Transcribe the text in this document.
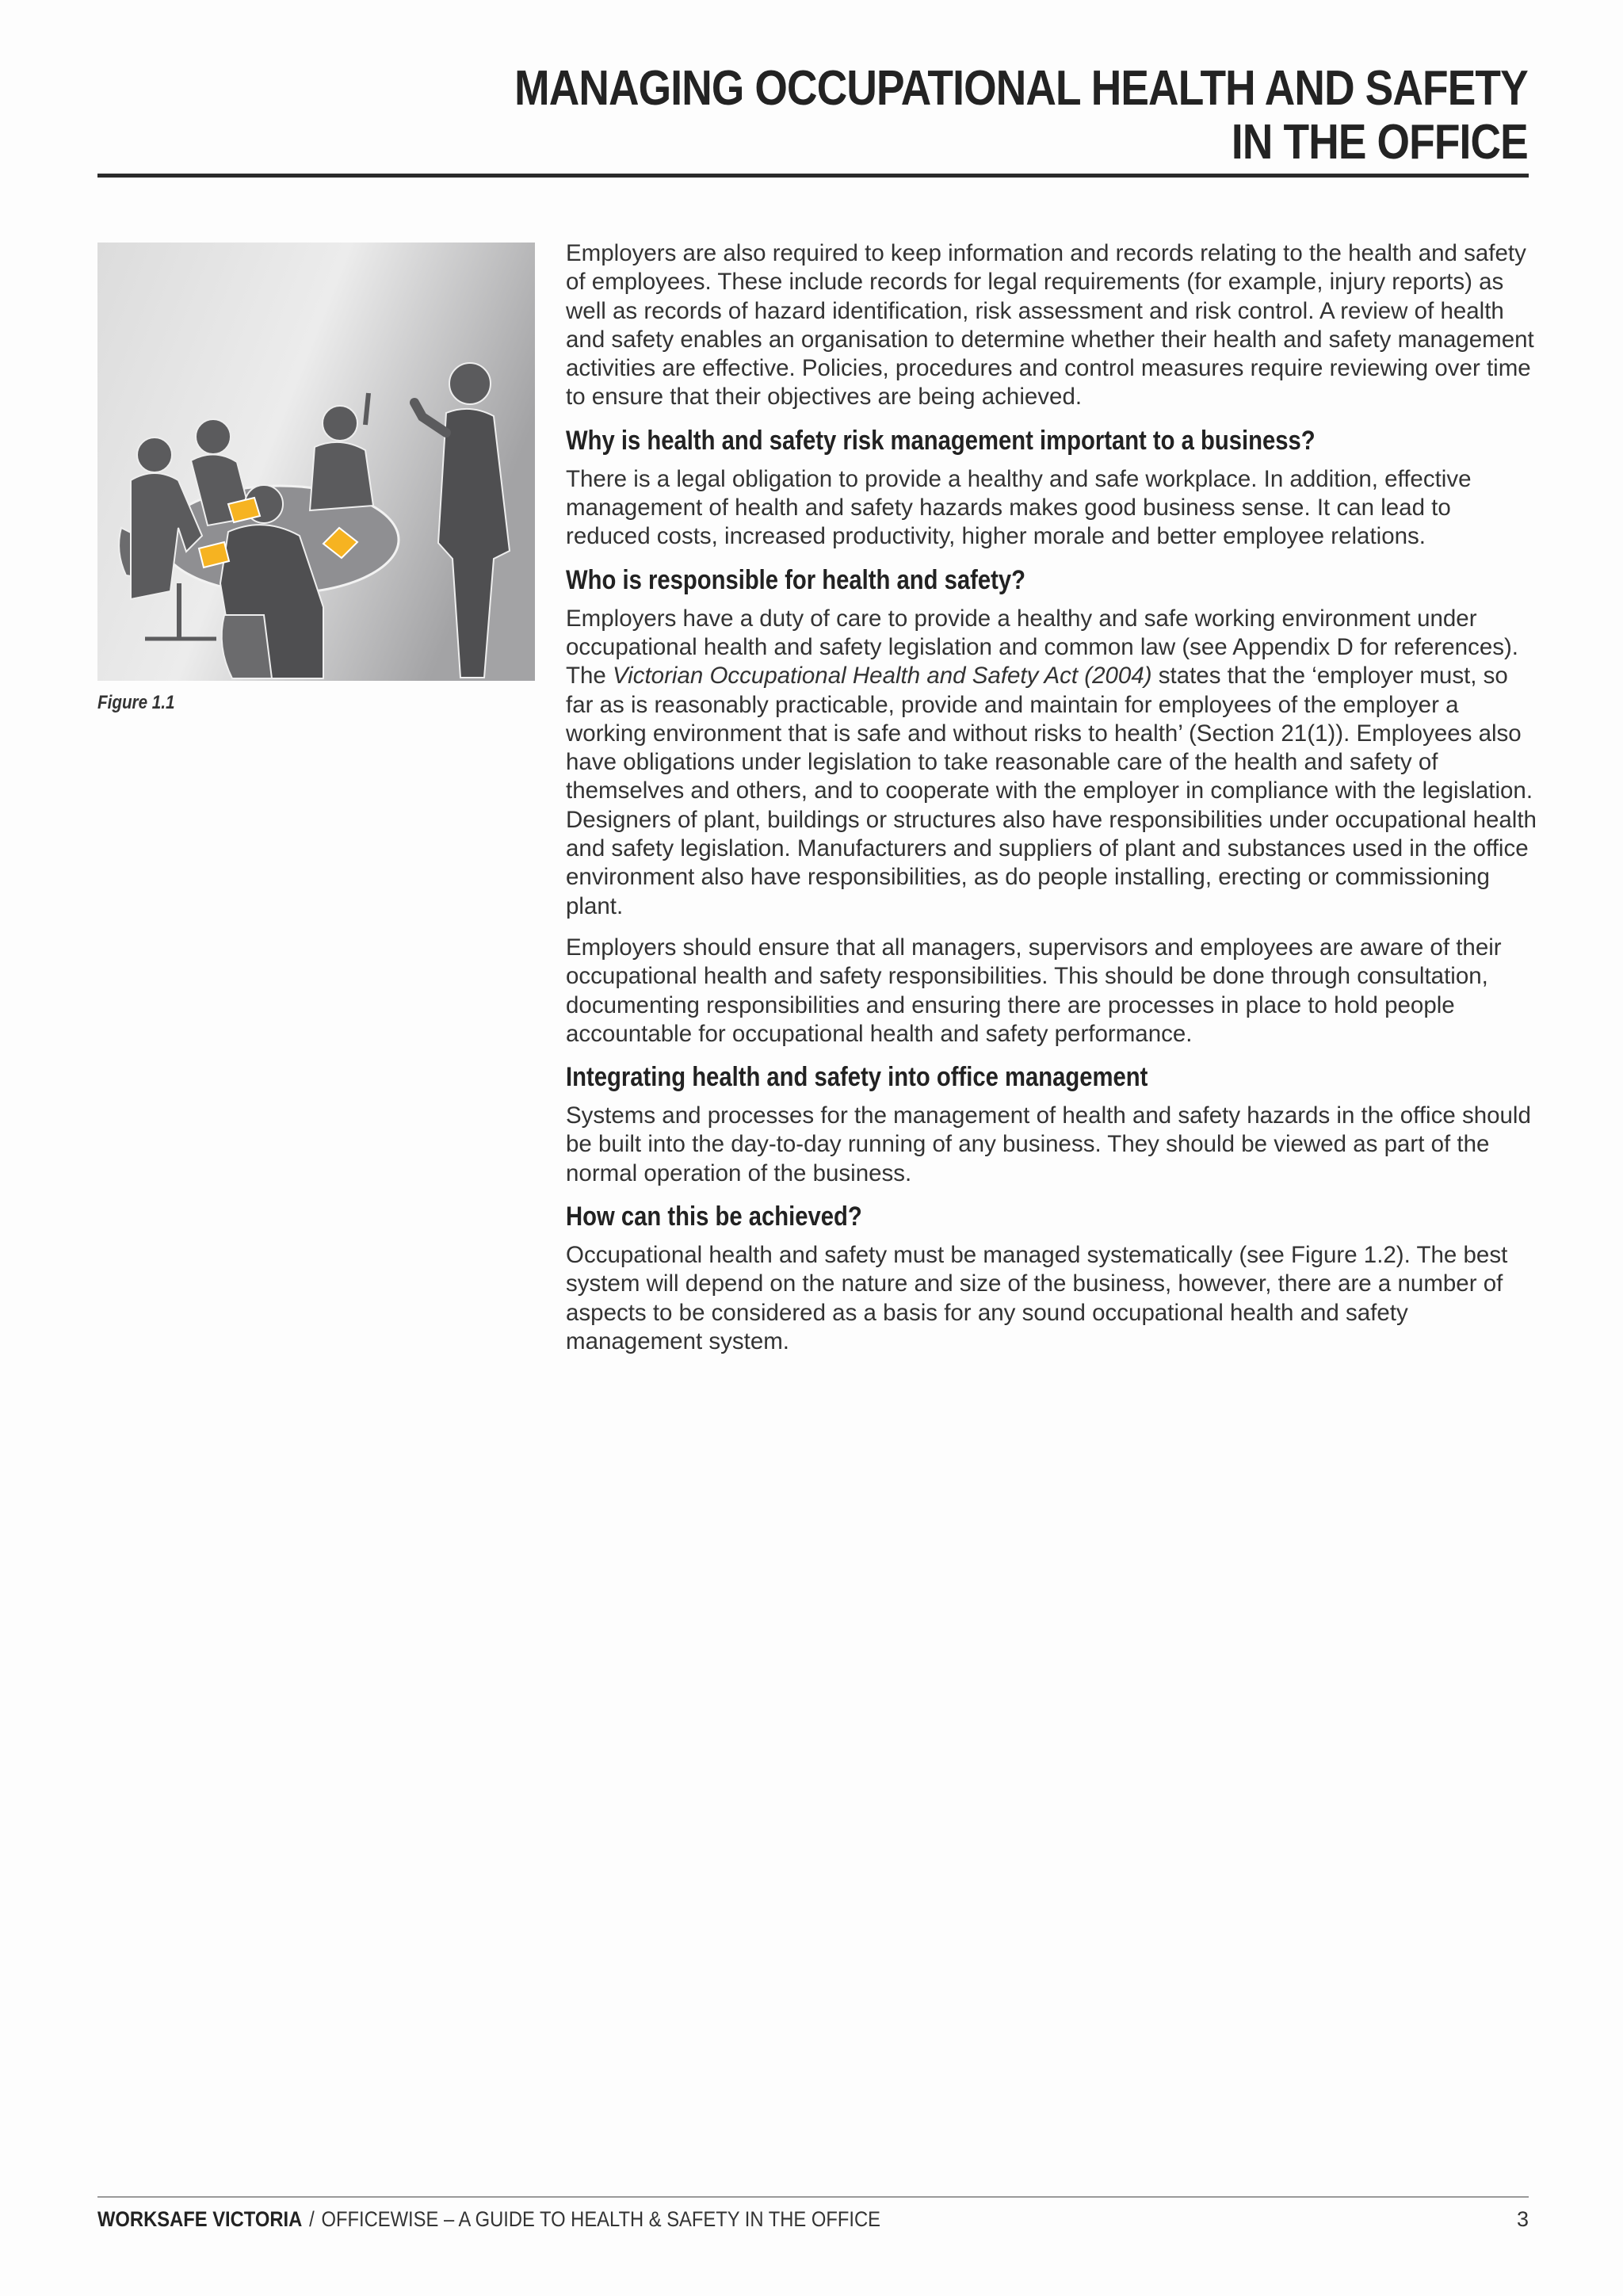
MANAGING OCCUPATIONAL HEALTH AND SAFETY
IN THE OFFICE
Figure 1.1

Employers are also required to keep information and records relating to the health and safety of employees. These include records for legal requirements (for example, injury reports) as well as records of hazard identification, risk assessment and risk control. A review of health and safety enables an organisation to determine whether their health and safety management activities are effective. Policies, procedures and control measures require reviewing over time to ensure that their objectives are being achieved.

Why is health and safety risk management important to a business?

There is a legal obligation to provide a healthy and safe workplace. In addition, effective management of health and safety hazards makes good business sense. It can lead to reduced costs, increased productivity, higher morale and better employee relations.

Who is responsible for health and safety?

Employers have a duty of care to provide a healthy and safe working environment under occupational health and safety legislation and common law (see Appendix D for references). The Victorian Occupational Health and Safety Act (2004) states that the ‘employer must, so far as is reasonably practicable, provide and maintain for employees of the employer a working environment that is safe and without risks to health’ (Section 21(1)). Employees also have obligations under legislation to take reasonable care of the health and safety of themselves and others, and to cooperate with the employer in compliance with the legislation. Designers of plant, buildings or structures also have responsibilities under occupational health and safety legislation. Manufacturers and suppliers of plant and substances used in the office environment also have responsibilities, as do people installing, erecting or commissioning plant.

Employers should ensure that all managers, supervisors and employees are aware of their occupational health and safety responsibilities. This should be done through consultation, documenting responsibilities and ensuring there are processes in place to hold people accountable for occupational health and safety performance.

Integrating health and safety into office management

Systems and processes for the management of health and safety hazards in the office should be built into the day-to-day running of any business. They should be viewed as part of the normal operation of the business.

How can this be achieved?

Occupational health and safety must be managed systematically (see Figure 1.2). The best system will depend on the nature and size of the business, however, there are a number of aspects to be considered as a basis for any sound occupational health and safety management system.

WORKSAFE VICTORIA / OFFICEWISE – A GUIDE TO HEALTH & SAFETY IN THE OFFICE	3
